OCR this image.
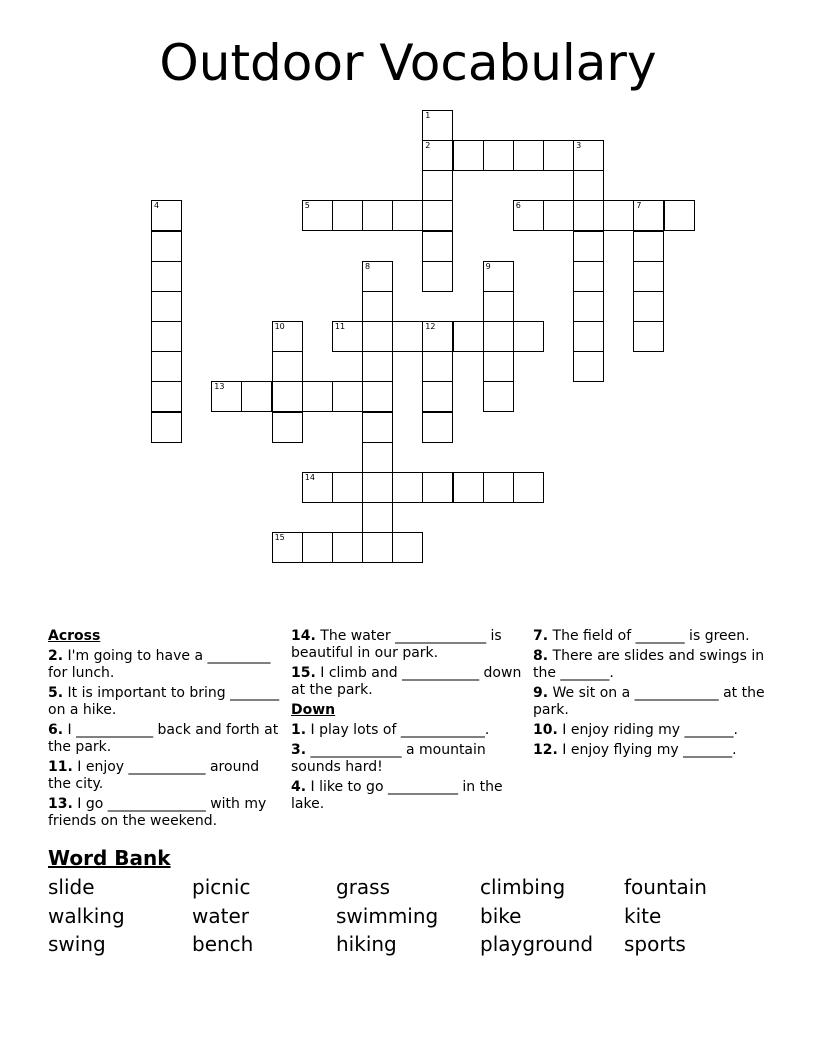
Outdoor Vocabulary
1
2	3
4	5	6	7
8	9
10	11	12
13
14
15
Across
2. I'm going to have a _________ for lunch.
5. It is important to bring _______ on a hike.
6. I ___________ back and forth at the park.
11. I enjoy ___________ around the city.
13. I go ______________ with my friends on the weekend.
14. The water _____________ is beautiful in our park.
15. I climb and ___________ down at the park.
Down
1. I play lots of ____________.
3. _____________ a mountain sounds hard!
4. I like to go __________ in the lake.
7. The field of _______ is green.
8. There are slides and swings in the _______.
9. We sit on a ____________ at the park.
10. I enjoy riding my _______.
12. I enjoy flying my _______.
Word Bank
slide	picnic	grass	climbing	fountain
walking	water	swimming	bike	kite
swing	bench	hiking	playground	sports
